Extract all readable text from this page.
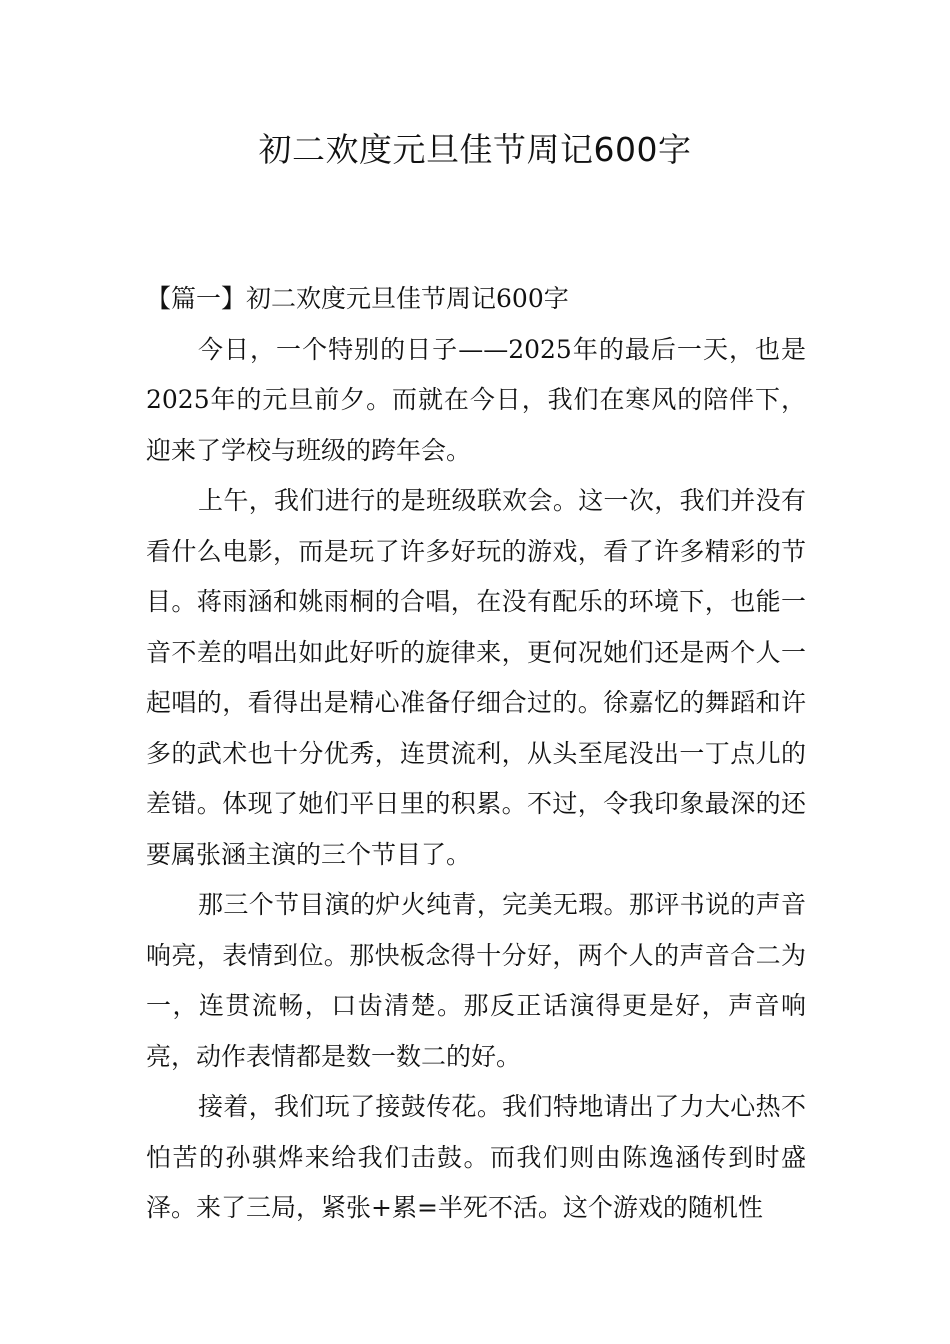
初二欢度元旦佳节周记600字

【篇一】初二欢度元旦佳节周记600字

今日，一个特别的日子——2025年的最后一天，也是2025年的元旦前夕。而就在今日，我们在寒风的陪伴下，迎来了学校与班级的跨年会。

上午，我们进行的是班级联欢会。这一次，我们并没有看什么电影，而是玩了许多好玩的游戏，看了许多精彩的节目。蒋雨涵和姚雨桐的合唱，在没有配乐的环境下，也能一音不差的唱出如此好听的旋律来，更何况她们还是两个人一起唱的，看得出是精心准备仔细合过的。徐嘉忆的舞蹈和许多的武术也十分优秀，连贯流利，从头至尾没出一丁点儿的差错。体现了她们平日里的积累。不过，令我印象最深的还要属张涵主演的三个节目了。

那三个节目演的炉火纯青，完美无瑕。那评书说的声音响亮，表情到位。那快板念得十分好，两个人的声音合二为一，连贯流畅，口齿清楚。那反正话演得更是好，声音响亮，动作表情都是数一数二的好。

接着，我们玩了接鼓传花。我们特地请出了力大心热不怕苦的孙骐烨来给我们击鼓。而我们则由陈逸涵传到时盛泽。来了三局，紧张+累=半死不活。这个游戏的随机性
